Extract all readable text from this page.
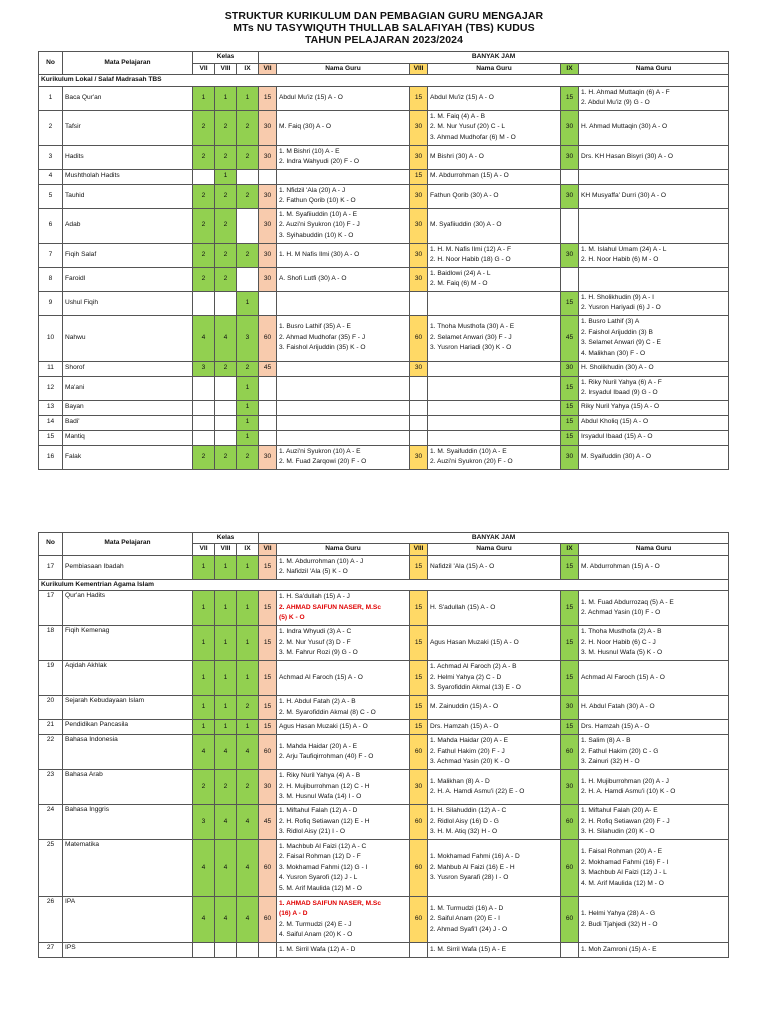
STRUKTUR KURIKULUM DAN PEMBAGIAN GURU MENGAJAR
MTs NU TASYWIQUTH THULLAB SALAFIYAH (TBS) KUDUS
TAHUN PELAJARAN 2023/2024
No	Mata Pelajaran	Kelas			BANYAK JAM					
		VII	VIII	IX	VII	Nama Guru	VIII	Nama Guru	IX	Nama Guru
Kurikulum Lokal / Salaf Madrasah TBS										
1	Baca Qur'an	1	1	1	15	Abdul Mu'iz (15) A - O	15	Abdul Mu'iz (15) A - O	15	1. H. Ahmad Muttaqin (6) A - F
2. Abdul Mu'iz (9) G - O

2	Tafsir	2	2	2	30	M. Faiq (30) A - O	30	1. M. Faiq (4) A - B
2. M. Nur Yusuf (20) C - L
3. Ahmad Mudhofar (6) M - O	30	H. Ahmad Muttaqin (30) A - O

3	Hadits	2	2	2	30	1. M Bishri (10) A - E
2. Indra Wahyudi (20) F - O	30	M Bishri (30) A - O	30	Drs. KH Hasan Bisyri (30) A - O

4	Mushtholah Hadits		1				15	M. Abdurrohman (15) A - O		

5	Tauhid	2	2	2	30	1. Nfidzil 'Ala (20) A - J
2. Fathun Qorib (10) K - O	30	Fathun Qorib (30) A - O	30	KH Musyaffa' Durri (30) A - O

6	Adab	2	2		30	1. M. Syafiiuddin (10) A - E
2. Auzi'ni Syukron (10) F - J
3. Syihabuddin (10) K - O	30	M. Syafiiuddin (30) A - O		

7	Fiqih Salaf	2	2	2	30	1. H. M Nafis Ilmi (30) A - O	30	1. H. M. Nafis Ilmi (12) A - F
2. H. Noor Habib (18) G - O	30	1. M. Islahul Umam (24) A - L
2. H. Noor Habib (6) M - O

8	Faroidl	2	2		30	A. Shofi Lutfi (30) A - O	30	1. Baidlowi (24) A - L
2. M. Faiq (6) M - O		

9	Ushul Fiqih			1					15	1. H. Sholikhudin (9) A - I
2. Yusron Hariyadi (6) J - O

10	Nahwu	4	4	3	60	1. Busro Lathif (35) A - E
2. Ahmad Mudhofar (35) F - J
3. Faishol Arijuddin (35) K - O	60	1. Thoha Musthofa (30) A - E
2. Selamet Anwari (30) F - J
3. Yusron Hariadi (30) K - O	45	1. Busro Lathif (3) A
2. Faishol Arijuddin (3) B
3. Selamet Anwari (9) C - E
4. Malikhan (30) F - O

11	Shorof	3	2	2	45		30		30	H. Sholikhudin (30) A - O

12	Ma'ani			1					15	1. Riky Nuril Yahya (6) A - F
2. Irsyadul Ibaad (9) G - O

13	Bayan			1					15	Riky Nuril Yahya (15) A - O

14	Badi'			1					15	Abdul Kholiq (15) A - O

15	Mantiq			1					15	Irsyadul Ibaad (15) A - O

16	Falak	2	2	2	30	1. Auzi'ni Syukron (10) A - E
2. M. Fuad Zarqowi (20) F - O	30	1. M. Syaifuddin (10) A - E
2. Auzi'ni Syukron (20) F - O	30	M. Syaifuddin (30) A - O
No	Mata Pelajaran	Kelas			BANYAK JAM					
		VII	VIII	IX	VII	Nama Guru	VIII	Nama Guru	IX	Nama Guru
17	Pembiasaan Ibadah	1	1	1	15	1. M. Abdurrohman (10) A - J
2. Nafidzil 'Ala (5) K - O	15	Nafidzil 'Ala (15) A - O	15	M. Abdurrohman (15) A - O

Kurikulum Kementrian Agama Islam										
17	Qur'an Hadits	1	1	1	15	1. H. Sa'dullah (15) A - J
2. AHMAD SAIFUN NASER, M.Sc
(5) K - O	15	H. S'adullah (15) A - O	15	1. M. Fuad Abdurrozaq (5) A - E
2. Achmad Yasin (10) F - O

18	Fiqih Kemenag	1	1	1	15	1. Indra Whyudi (3) A - C
2. M. Nur Yusuf (3) D - F
3. M. Fahrur Rozi (9) G - O	15	Agus Hasan Muzaki (15) A - O	15	1. Thoha Musthofa (2) A - B
2. H. Noor Habib (6) C - J
3. M. Husnul Wafa (5) K - O

19	Aqidah Akhlak	1	1	1	15	Achmad Al Faroch (15) A - O	15	1. Achmad Al Faroch (2) A - B
2. Helmi Yahya (2) C - D
3. Syarofiddin Akmal (13) E - O	15	Achmad Al Faroch (15) A - O

20	Sejarah Kebudayaan Islam	1	1	2	15	1. H. Abdul Fatah (2) A - B
2. M. Syarofiddin Akmal (8) C - O	15	M. Zainuddin (15) A - O	30	H. Abdul Fatah (30) A - O

21	Pendidikan Pancasila	1	1	1	15	Agus Hasan Muzaki (15) A - O	15	Drs. Hamzah (15) A - O	15	Drs. Hamzah (15) A - O

22	Bahasa Indonesia	4	4	4	60	1. Mahda Haidar (20) A - E
2. Arju Taufiqirrohman (40) F - O	60	1. Mahda Haidar (20) A - E
2. Fathul Hakim (20) F - J
3. Achmad Yasin (20) K - O	60	1. Salim (8) A - B
2. Fathul Hakim (20) C - G
3. Zainuri (32) H - O

23	Bahasa Arab	2	2	2	30	1. Riky Nuril Yahya (4) A - B
2. H. Mujiburrohman (12) C - H
3. M. Husnul Wafa (14) I - O	30	1. Malikhan (8) A - D
2. H. A. Hamdi Asmu'i (22) E - O	30	1. H. Mujiburrohman (20) A - J
2. H. A. Hamdi Asmu'i (10) K - O

24	Bahasa Inggris	3	4	4	45	1. Miftahul Falah (12) A - D
2. H. Rofiq Setiawan (12) E - H
3. Ridlol Aisy (21) I - O	60	1. H. Silahuddin (12) A - C
2. Ridlol Aisy (16) D - G
3. H. M. Atiq (32) H - O	60	1. Miftahul Falah (20) A- E
2. H. Rofiq Setiawan (20) F - J
3. H. Silahudin (20) K - O

25	Matematika	4	4	4	60	1. Machbub Al Faizi (12) A - C
2. Faisal Rohman (12) D - F
3. Mokhamad Fahmi (12) G - I
4. Yusron Syarofi (12) J - L
5. M. Arif Maulida (12) M - O	60	1. Mokhamad Fahmi (16) A - D
2. Mahbub Al Faizi (16) E - H
3. Yusron Syarafi (28) I - O	60	1. Faisal Rohman (20) A - E
2. Mokhamad Fahmi (16) F - I
3. Machbub Al Faizi (12) J - L
4. M. Arif Maulida (12) M - O

26	IPA	4	4	4	60	1. AHMAD SAIFUN NASER, M.Sc
(16) A - D
2. M. Turmudzi (24) E - J
4. Saiful Anam (20) K - O	60	1. M. Turmudzi (16) A - D
2. Saiful Anam (20) E - I
2. Ahmad Syafi'I (24) J - O	60	1. Helmi Yahya (28) A - G
2. Budi Tjahjedi (32) H - O

27	IPS					1. M. Sirril Wafa (12) A - D		1. M. Sirril Wafa (15) A - E		1. Moh Zamroni (15) A - E
